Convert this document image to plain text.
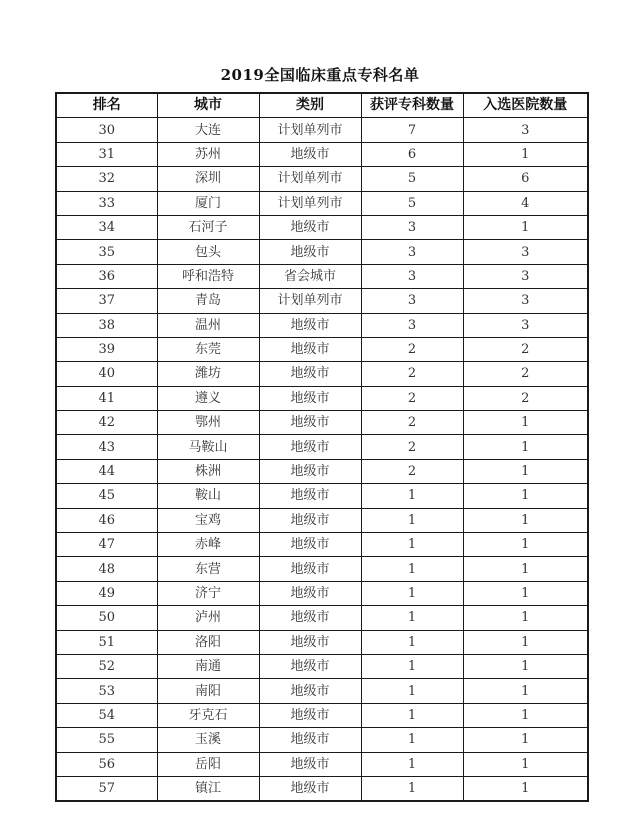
2019全国临床重点专科名单
排名	城市	类别	获评专科数量	入选医院数量
30	大连	计划单列市	7	3
31	苏州	地级市	6	1
32	深圳	计划单列市	5	6
33	厦门	计划单列市	5	4
34	石河子	地级市	3	1
35	包头	地级市	3	3
36	呼和浩特	省会城市	3	3
37	青岛	计划单列市	3	3
38	温州	地级市	3	3
39	东莞	地级市	2	2
40	潍坊	地级市	2	2
41	遵义	地级市	2	2
42	鄂州	地级市	2	1
43	马鞍山	地级市	2	1
44	株洲	地级市	2	1
45	鞍山	地级市	1	1
46	宝鸡	地级市	1	1
47	赤峰	地级市	1	1
48	东营	地级市	1	1
49	济宁	地级市	1	1
50	泸州	地级市	1	1
51	洛阳	地级市	1	1
52	南通	地级市	1	1
53	南阳	地级市	1	1
54	牙克石	地级市	1	1
55	玉溪	地级市	1	1
56	岳阳	地级市	1	1
57	镇江	地级市	1	1
